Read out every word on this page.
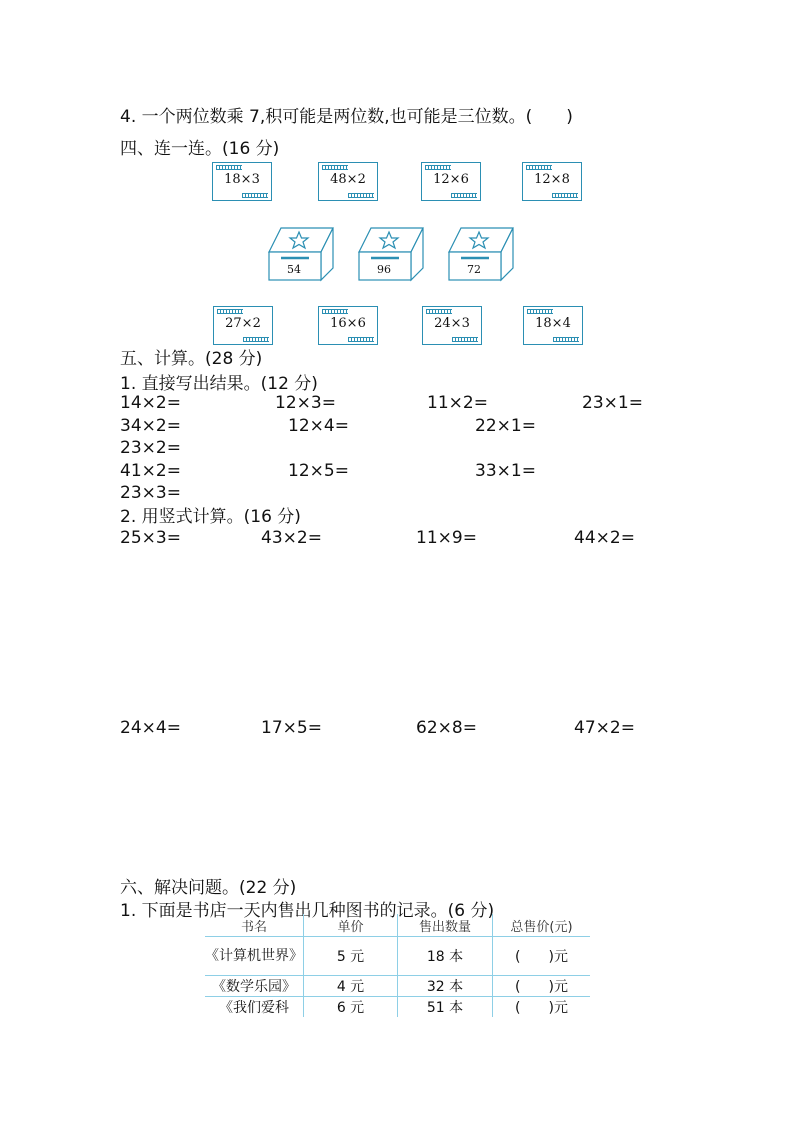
4. 一个两位数乘 7,积可能是两位数,也可能是三位数。(　　)
四、连一连。(16 分)
18×3	48×2	12×6	12×8
54	96	72
27×2	16×6	24×3	18×4
五、计算。(28 分)
1. 直接写出结果。(12 分)
14×2=	12×3=	11×2=	23×1=
34×2=	12×4=	22×1=
23×2=
41×2=	12×5=	33×1=
23×3=
2. 用竖式计算。(16 分)
25×3=	43×2=	11×9=	44×2=
24×4=	17×5=	62×8=	47×2=
六、解决问题。(22 分)
1. 下面是书店一天内售出几种图书的记录。(6 分)
书名	单价	售出数量	总售价(元)
《计算机世界》	5 元	18 本	(　　)元
《数学乐园》	4 元	32 本	(　　)元
《我们爱科	6 元	51 本	(　　)元
